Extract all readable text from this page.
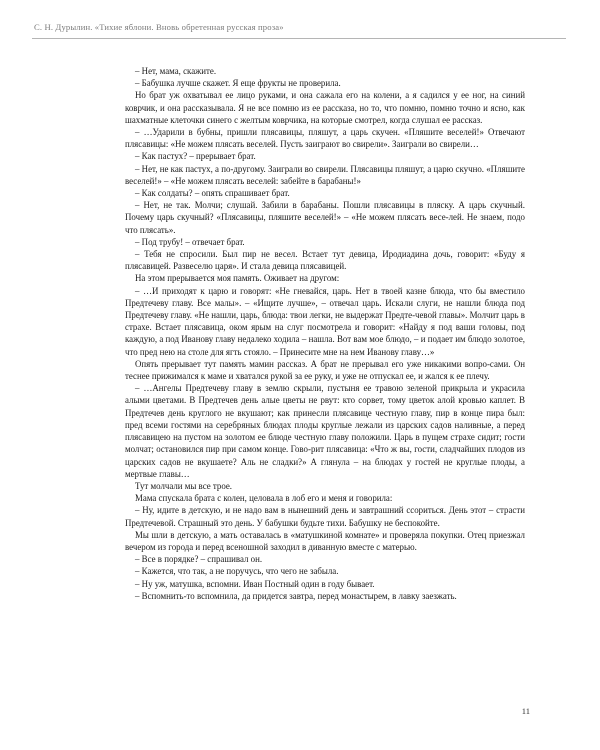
С. Н. Дурылин. «Тихие яблони. Вновь обретенная русская проза»

– Нет, мама, скажите.

– Бабушка лучше скажет. Я еще фрукты не проверила.

Но брат уж охватывал ее лицо руками, и она сажала его на колени, а я садился у ее ног, на синий коврчик, и она рассказывала. Я не все помню из ее рассказа, но то, что помню, помню точно и ясно, как шахматные клеточки синего с желтым коврчика, на которые смотрел, когда слушал ее рассказ.

– …Ударили в бубны, пришли плясавицы, пляшут, а царь скучен. «Пляшите веселей!» Отвечают плясавицы: «Не можем плясать веселей. Пусть заиграют во свирели». Заиграли во свирели…

– Как пастух? – прерывает брат.

– Нет, не как пастух, а по-другому. Заиграли во свирели. Плясавицы пляшут, а царю скучно. «Пляшите веселей!» – «Не можем плясать веселей: забейте в барабаны!»

– Как солдаты? – опять спрашивает брат.

– Нет, не так. Молчи; слушай. Забили в барабаны. Пошли плясавицы в пляску. А царь скучный. Почему царь скучный? «Плясавицы, пляшите веселей!» – «Не можем плясать весе-лей. Не знаем, подо что плясать».

– Под трубу! – отвечает брат.

– Тебя не спросили. Был пир не весел. Встает тут девица, Иродиадина дочь, говорит: «Буду я плясавицей. Развеселю царя». И стала девица плясавицей.

На этом прерывается моя память. Оживает на другом:

– …И приходят к царю и говорят: «Не гневайся, царь. Нет в твоей казне блюда, что бы вместило Предтечеву главу. Все малы». – «Ищите лучше», – отвечал царь. Искали слуги, не нашли блюда под Предтечеву главу. «Не нашли, царь, блюда: твои легки, не выдержат Предте-чевой главы». Молчит царь в страхе. Встает плясавица, оком ярым на слуг посмотрела и говорит: «Найду я под ваши головы, под каждую, а под Иванову главу недалеко ходила – нашла. Вот вам мое блюдо, – и подает им блюдо золотое, что пред нею на столе для ягть стояло. – Принесите мне на нем Иванову главу…»

Опять прерывает тут память мамин рассказ. А брат не прерывал его уже никакими вопро-сами. Он теснее прижимался к маме и хватался рукой за ее руку, и уже не отпускал ее, и жался к ее плечу.

– …Ангелы Предтечеву главу в землю скрыли, пустыня ее травою зеленой прикрыла и украсила алыми цветами. В Предтечев день алые цветы не рвут: кто сорвет, тому цветок алой кровью каплет. В Предтечев день круглого не вкушают; как принесли плясавице честную главу, пир в конце пира был: пред всеми гостями на серебряных блюдах плоды круглые лежали из царских садов наливные, а перед плясавицею на пустом на золотом ее блюде честную главу положили. Царь в пущем страхе сидит; гости молчат; остановился пир при самом конце. Гово-рит плясавица: «Что ж вы, гости, сладчайших плодов из царских садов не вкушаете? Аль не сладки?» А глянула – на блюдах у гостей не круглые плоды, а мертвые главы…

Тут молчали мы все трое.

Мама спускала брата с колен, целовала в лоб его и меня и говорила:

– Ну, идите в детскую, и не надо вам в нынешний день и завтрашний ссориться. День этот – страсти Предтечевой. Страшный это день. У бабушки будьте тихи. Бабушку не беспокойте.

Мы шли в детскую, а мать оставалась в «матушкиной комнате» и проверяла покупки. Отец приезжал вечером из города и перед всеношной заходил в диванную вместе с матерью.

– Все в порядке? – спрашивал он.

– Кажется, что так, а не поручусь, что чего не забыла.

– Ну уж, матушка, вспомни. Иван Постный один в году бывает.

– Вспомнить-то вспомнила, да придется завтра, перед монастырем, в лавку заезжать.

11
